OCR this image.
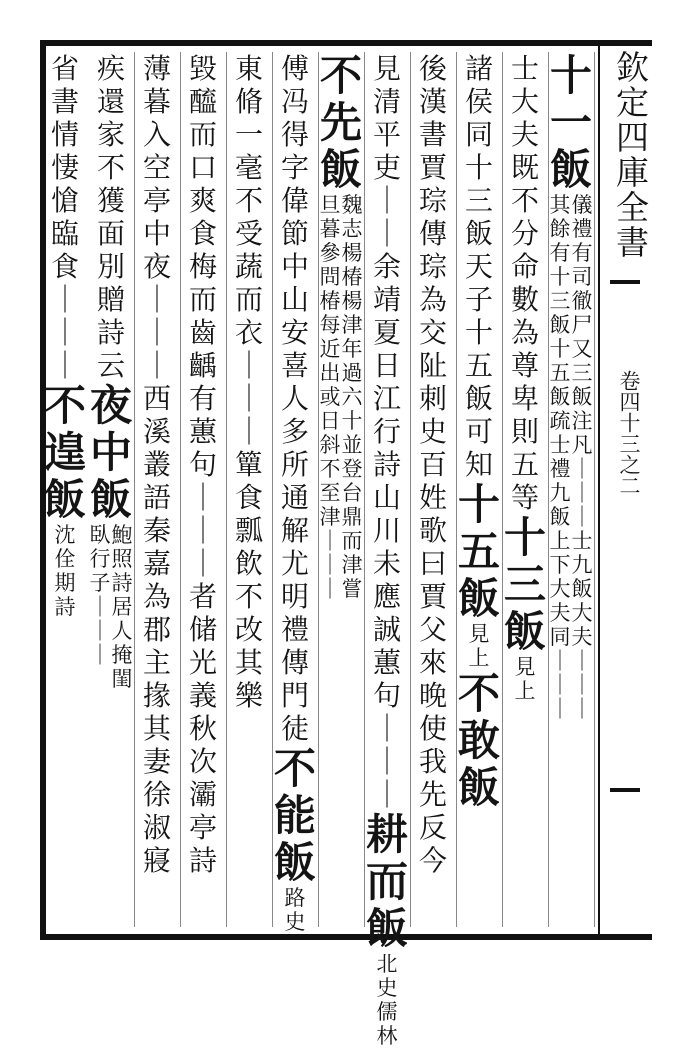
欽定四庫全書
卷四十三之二
十
一
飯
其
餘
有
十
三
飯
十
五
飯
疏
士
禮
九
飯
上
下
大
夫
同
｜
｜
｜
儀
禮
有
司
徹
尸
又
三
飯
注
凡
｜
｜
｜
士
九
飯
大
夫
｜
｜
｜
士
大
夫
既
不
分
命
數
為
尊
卑
則
五
等
十
三
飯
見
上
諸
侯
同
十
三
飯
天
子
十
五
飯
可
知
十
五
飯
見
上
不
敢
飯
後
漢
書
賈
琮
傳
琮
為
交
阯
刺
史
百
姓
歌
曰
賈
父
來
晚
使
我
先
反
今
見
清
平
吏
｜
｜
余
靖
夏
日
江
行
詩
山
川
未
應
誠
蕙
句
｜
｜
｜
耕
而
飯
北
史
儒
林
不
先
飯
旦
暮
參
問
椿
每
近
出
或
日
斜
不
至
津
｜
｜
｜
魏
志
楊
椿
楊
津
年
過
六
十
並
登
台
鼎
而
津
嘗
傅
冯
得
字
偉
節
中
山
安
喜
人
多
所
通
解
尤
明
禮
傳
門
徒
不
能
飯
路
史
東
脩
一
毫
不
受
蔬
而
衣
｜
｜
｜
簞
食
瓢
飲
不
改
其
樂
毀
醯
而
口
爽
食
梅
而
齒
齲
有
蕙
句
｜
｜
｜
者
储
光
義
秋
次
灞
亭
詩
薄
暮
入
空
亭
中
夜
｜
｜
｜
西
溪
叢
語
秦
嘉
為
郡
主
掾
其
妻
徐
淑
寢
疾
還
家
不
獲
面
別
贈
詩
云
夜
中
飯
臥
行
子
｜
｜
｜
鮑
照
詩
居
人
掩
閨
省
書
情
悽
愴
臨
食
｜
｜
｜
不
遑
飯
沈
佺
期
詩
